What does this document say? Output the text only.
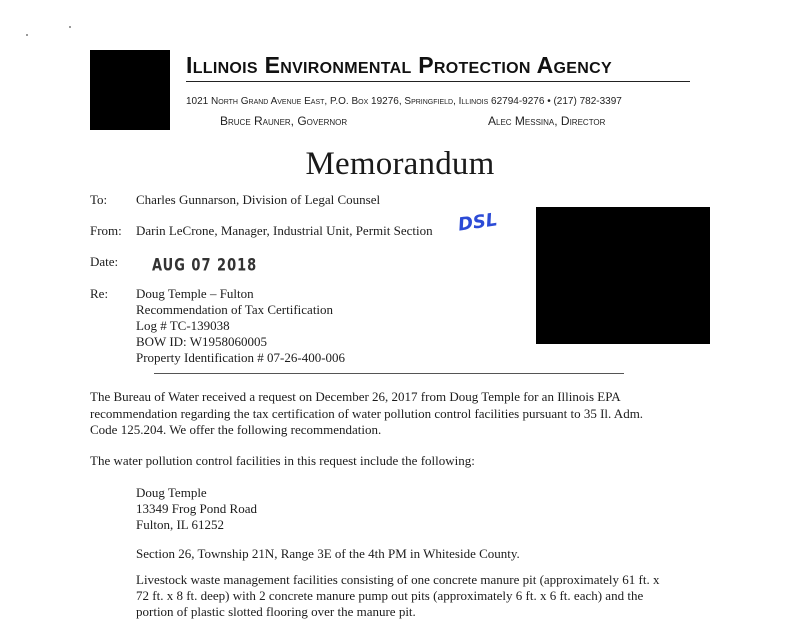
Illinois Environmental Protection Agency
1021 North Grand Avenue East, P.O. Box 19276, Springfield, Illinois 62794-9276 • (217) 782-3397
Bruce Rauner, Governor	Alec Messina, Director
Memorandum
To: Charles Gunnarson, Division of Legal Counsel
From: Darin LeCrone, Manager, Industrial Unit, Permit Section DSL
Date:	AUG 07 2018
Re: Doug Temple – Fulton
Recommendation of Tax Certification
Log # TC-139038
BOW ID: W1958060005
Property Identification # 07-26-400-006
The Bureau of Water received a request on December 26, 2017 from Doug Temple for an Illinois EPA
recommendation regarding the tax certification of water pollution control facilities pursuant to 35 Il. Adm.
Code 125.204. We offer the following recommendation.
The water pollution control facilities in this request include the following:
Doug Temple
13349 Frog Pond Road
Fulton, IL 61252
Section 26, Township 21N, Range 3E of the 4th PM in Whiteside County.
Livestock waste management facilities consisting of one concrete manure pit (approximately 61 ft. x
72 ft. x 8 ft. deep) with 2 concrete manure pump out pits (approximately 6 ft. x 6 ft. each) and the
portion of plastic slotted flooring over the manure pit.
